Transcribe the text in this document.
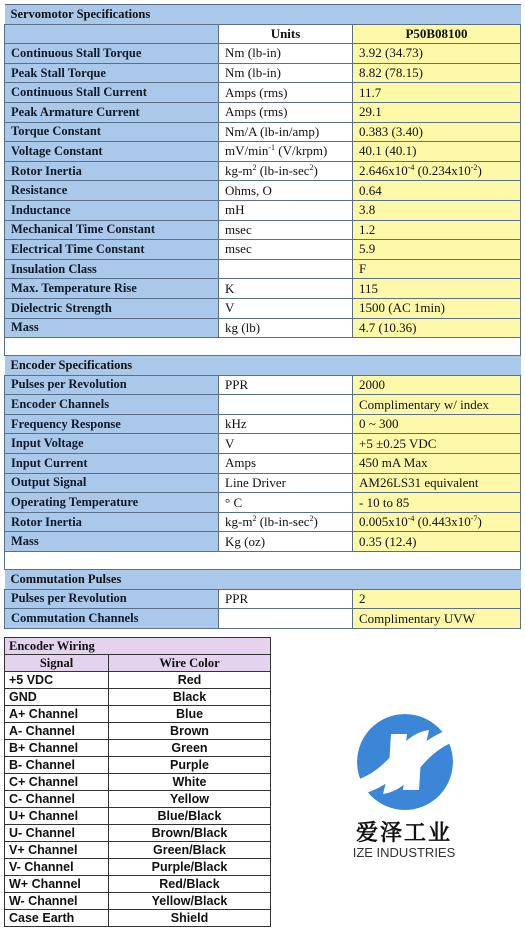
Servomotor Specifications		
	Units	P50B08100
Continuous Stall Torque	Nm (lb-in)	3.92 (34.73)
Peak Stall Torque	Nm (lb-in)	8.82 (78.15)
Continuous Stall Current	Amps (rms)	11.7
Peak Armature Current	Amps (rms)	29.1
Torque Constant	Nm/A (lb-in/amp)	0.383 (3.40)
Voltage Constant	$mV/\min^{-1}$ (V/krpm)	40.1 (40.1)
Rotor Inertia	$kg-m^2$ $(lb-in-\sec^2)$	$2.646x10^{-4}$ $(0.234x10^{-2})$
Resistance	Ohms, O	0.64
Inductance	mH	3.8
Mechanical Time Constant	msec	1.2
Electrical Time Constant	msec	5.9
Insulation Class		F
Max. Temperature Rise	K	115
Dielectric Strength	V	1500 (AC 1min)
Mass	kg (lb)	4.7 (10.36)

Encoder Specifications		
Pulses per Revolution	PPR	2000
Encoder Channels		Complimentary w/ index
Frequency Response	kHz	0 ~ 300
Input Voltage	V	+5 ±0.25 VDC
Input Current	Amps	450 mA Max
Output Signal	Line Driver	AM26LS31 equivalent
Operating Temperature	° C	- 10 to 85
Rotor Inertia	$kg-m^2$ $(lb-in-\sec^2)$	$0.005x10^{-4}$ $(0.443x10^{-7})$
Mass	Kg (oz)	0.35 (12.4)

Commutation Pulses		
Pulses per Revolution	PPR	2
Commutation Channels		Complimentary UVW
Encoder Wiring	
Signal	Wire Color
+5 VDC	Red
GND	Black
A+ Channel	Blue
A- Channel	Brown
B+ Channel	Green
B- Channel	Purple
C+ Channel	White
C- Channel	Yellow
U+ Channel	Blue/Black
U- Channel	Brown/Black
V+ Channel	Green/Black
V- Channel	Purple/Black
W+ Channel	Red/Black
W- Channel	Yellow/Black
Case Earth	Shield
爱泽工业
IZE INDUSTRIES
